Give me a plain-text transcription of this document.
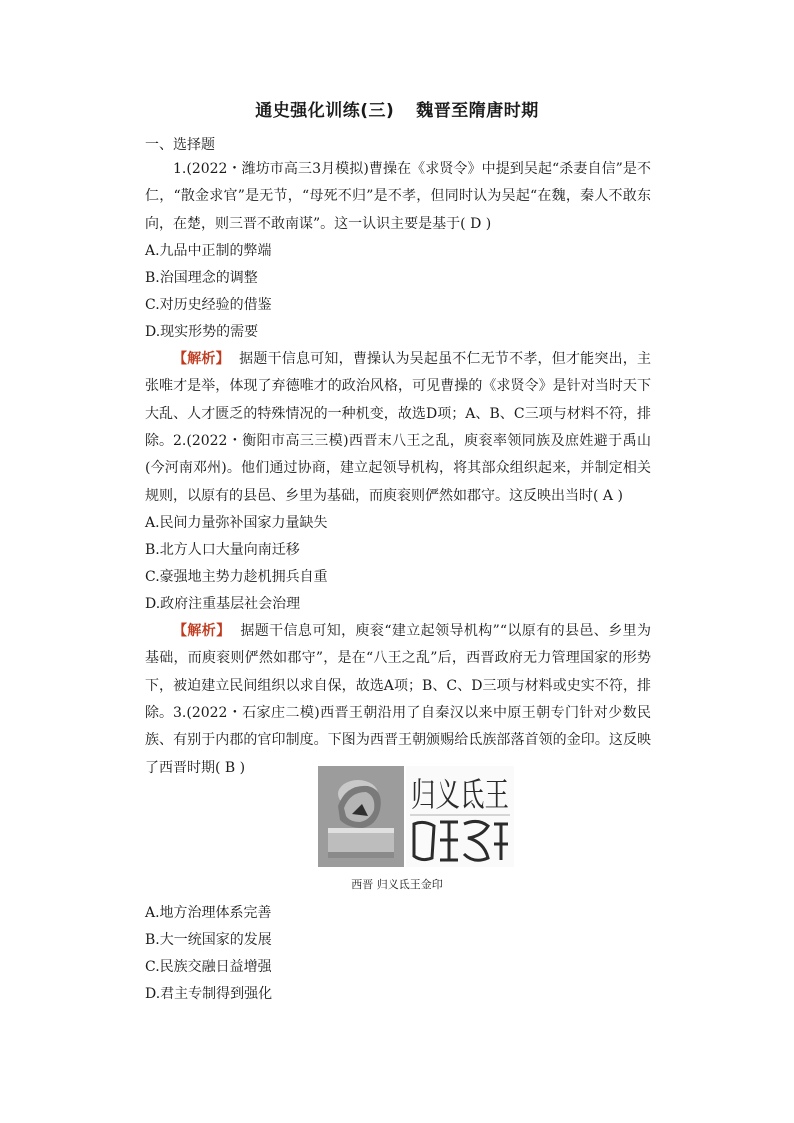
通史强化训练(三) 魏晋至隋唐时期
一、选择题
1.(2022・潍坊市高三3月模拟)曹操在《求贤令》中提到吴起“杀妻自信”是不仁，“散金求官”是无节，“母死不归”是不孝，但同时认为吴起“在魏，秦人不敢东向，在楚，则三晋不敢南谋”。这一认识主要是基于( D )
A.九品中正制的弊端
B.治国理念的调整
C.对历史经验的借鉴
D.现实形势的需要
【解析】 据题干信息可知，曹操认为吴起虽不仁无节不孝，但才能突出，主张唯才是举，体现了弃德唯才的政治风格，可见曹操的《求贤令》是针对当时天下大乱、人才匮乏的特殊情况的一种机变，故选D项；A、B、C三项与材料不符，排除。 2.(2022・衡阳市高三三模)西晋末八王之乱，庾衮率领同族及庶姓避于禹山(今河南邓州)。他们通过协商，建立起领导机构，将其部众组织起来，并制定相关规则，以原有的县邑、乡里为基础，而庾衮则俨然如郡守。这反映出当时( A )
A.民间力量弥补国家力量缺失
B.北方人口大量向南迁移
C.豪强地主势力趁机拥兵自重
D.政府注重基层社会治理
【解析】 据题干信息可知，庾衮“建立起领导机构”“以原有的县邑、乡里为基础，而庾衮则俨然如郡守”，是在“八王之乱”后，西晋政府无力管理国家的形势下，被迫建立民间组织以求自保，故选A项；B、C、D三项与材料或史实不符，排除。 3.(2022・石家庄二模)西晋王朝沿用了自秦汉以来中原王朝专门针对少数民族、有别于内郡的官印制度。下图为西晋王朝颁赐给氐族部落首领的金印。这反映了西晋时期( B )
归义氐王
西晋 归义氐王金印
A.地方治理体系完善
B.大一统国家的发展
C.民族交融日益增强
D.君主专制得到强化
